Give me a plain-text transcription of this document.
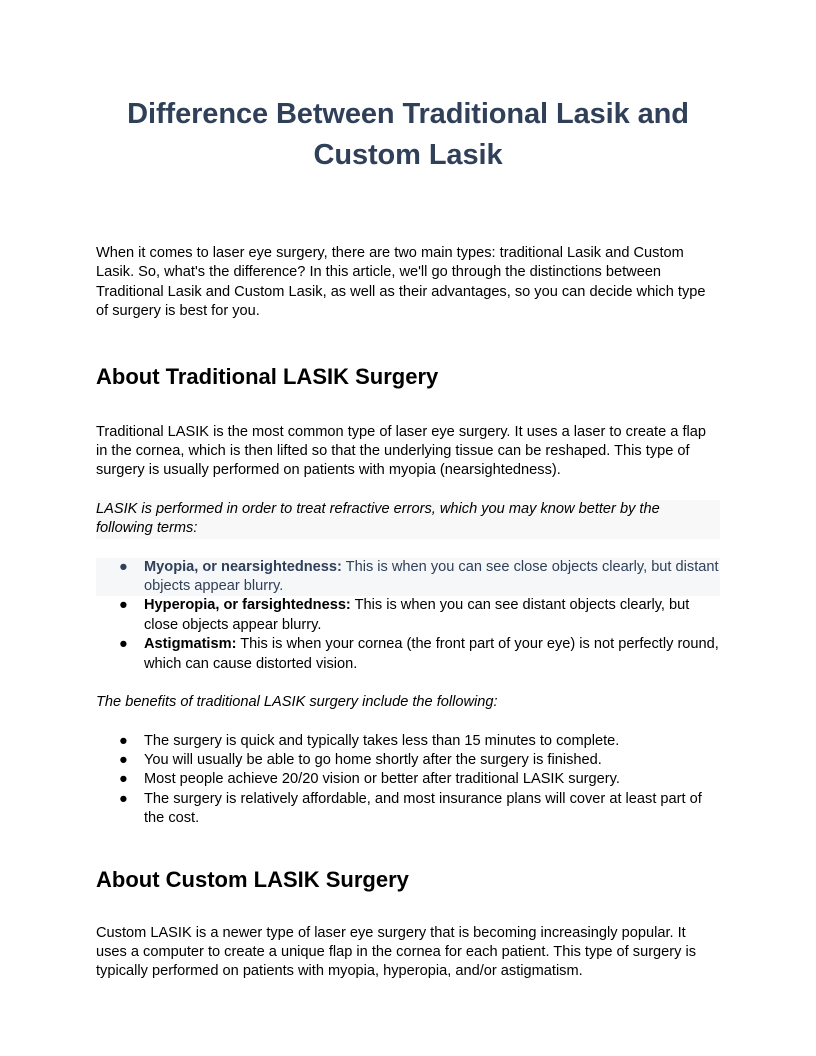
Difference Between Traditional Lasik and Custom Lasik

When it comes to laser eye surgery, there are two main types: traditional Lasik and Custom Lasik. So, what's the difference? In this article, we'll go through the distinctions between Traditional Lasik and Custom Lasik, as well as their advantages, so you can decide which type of surgery is best for you.

About Traditional LASIK Surgery

Traditional LASIK is the most common type of laser eye surgery. It uses a laser to create a flap in the cornea, which is then lifted so that the underlying tissue can be reshaped. This type of surgery is usually performed on patients with myopia (nearsightedness).

LASIK is performed in order to treat refractive errors, which you may know better by the following terms:

● Myopia, or nearsightedness: This is when you can see close objects clearly, but distant objects appear blurry.
● Hyperopia, or farsightedness: This is when you can see distant objects clearly, but close objects appear blurry.
● Astigmatism: This is when your cornea (the front part of your eye) is not perfectly round, which can cause distorted vision.

The benefits of traditional LASIK surgery include the following:

● The surgery is quick and typically takes less than 15 minutes to complete.
● You will usually be able to go home shortly after the surgery is finished.
● Most people achieve 20/20 vision or better after traditional LASIK surgery.
● The surgery is relatively affordable, and most insurance plans will cover at least part of the cost.
About Custom LASIK Surgery

Custom LASIK is a newer type of laser eye surgery that is becoming increasingly popular. It uses a computer to create a unique flap in the cornea for each patient. This type of surgery is typically performed on patients with myopia, hyperopia, and/or astigmatism.
